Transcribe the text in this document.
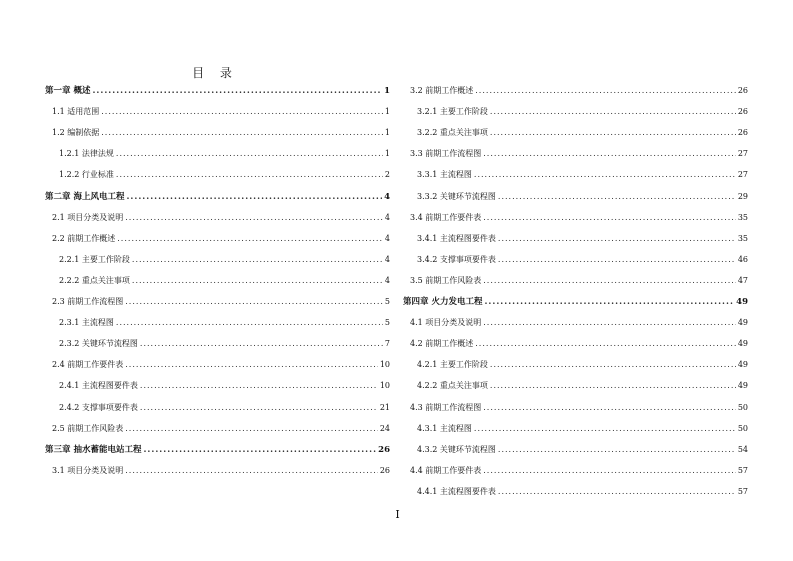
目 录
第一章 概述 .....	1
1.1 适用范围 .....	1
1.2 编制依据 .....	1
1.2.1 法律法规 .....	1
1.2.2 行业标准 .....	2
第二章 海上风电工程 .....	4
2.1 项目分类及说明 .....	4
2.2 前期工作概述 .....	4
2.2.1 主要工作阶段 .....	4
2.2.2 重点关注事项 .....	4
2.3 前期工作流程图 .....	5
2.3.1 主流程图 .....	5
2.3.2 关键环节流程图 .....	7
2.4 前期工作要件表 .....	10
2.4.1 主流程图要件表 .....	10
2.4.2 支撑事项要件表 .....	21
2.5 前期工作风险表 .....	24
第三章 抽水蓄能电站工程 .....	26
3.1 项目分类及说明 .....	26
3.2 前期工作概述 .....	26
3.2.1 主要工作阶段 .....	26
3.2.2 重点关注事项 .....	26
3.3 前期工作流程图 .....	27
3.3.1 主流程图 .....	27
3.3.2 关键环节流程图 .....	29
3.4 前期工作要件表 .....	35
3.4.1 主流程图要件表 .....	35
3.4.2 支撑事项要件表 .....	46
3.5 前期工作风险表 .....	47
第四章 火力发电工程 .....	49
4.1 项目分类及说明 .....	49
4.2 前期工作概述 .....	49
4.2.1 主要工作阶段 .....	49
4.2.2 重点关注事项 .....	49
4.3 前期工作流程图 .....	50
4.3.1 主流程图 .....	50
4.3.2 关键环节流程图 .....	54
4.4 前期工作要件表 .....	57
4.4.1 主流程图要件表 .....	57
I
